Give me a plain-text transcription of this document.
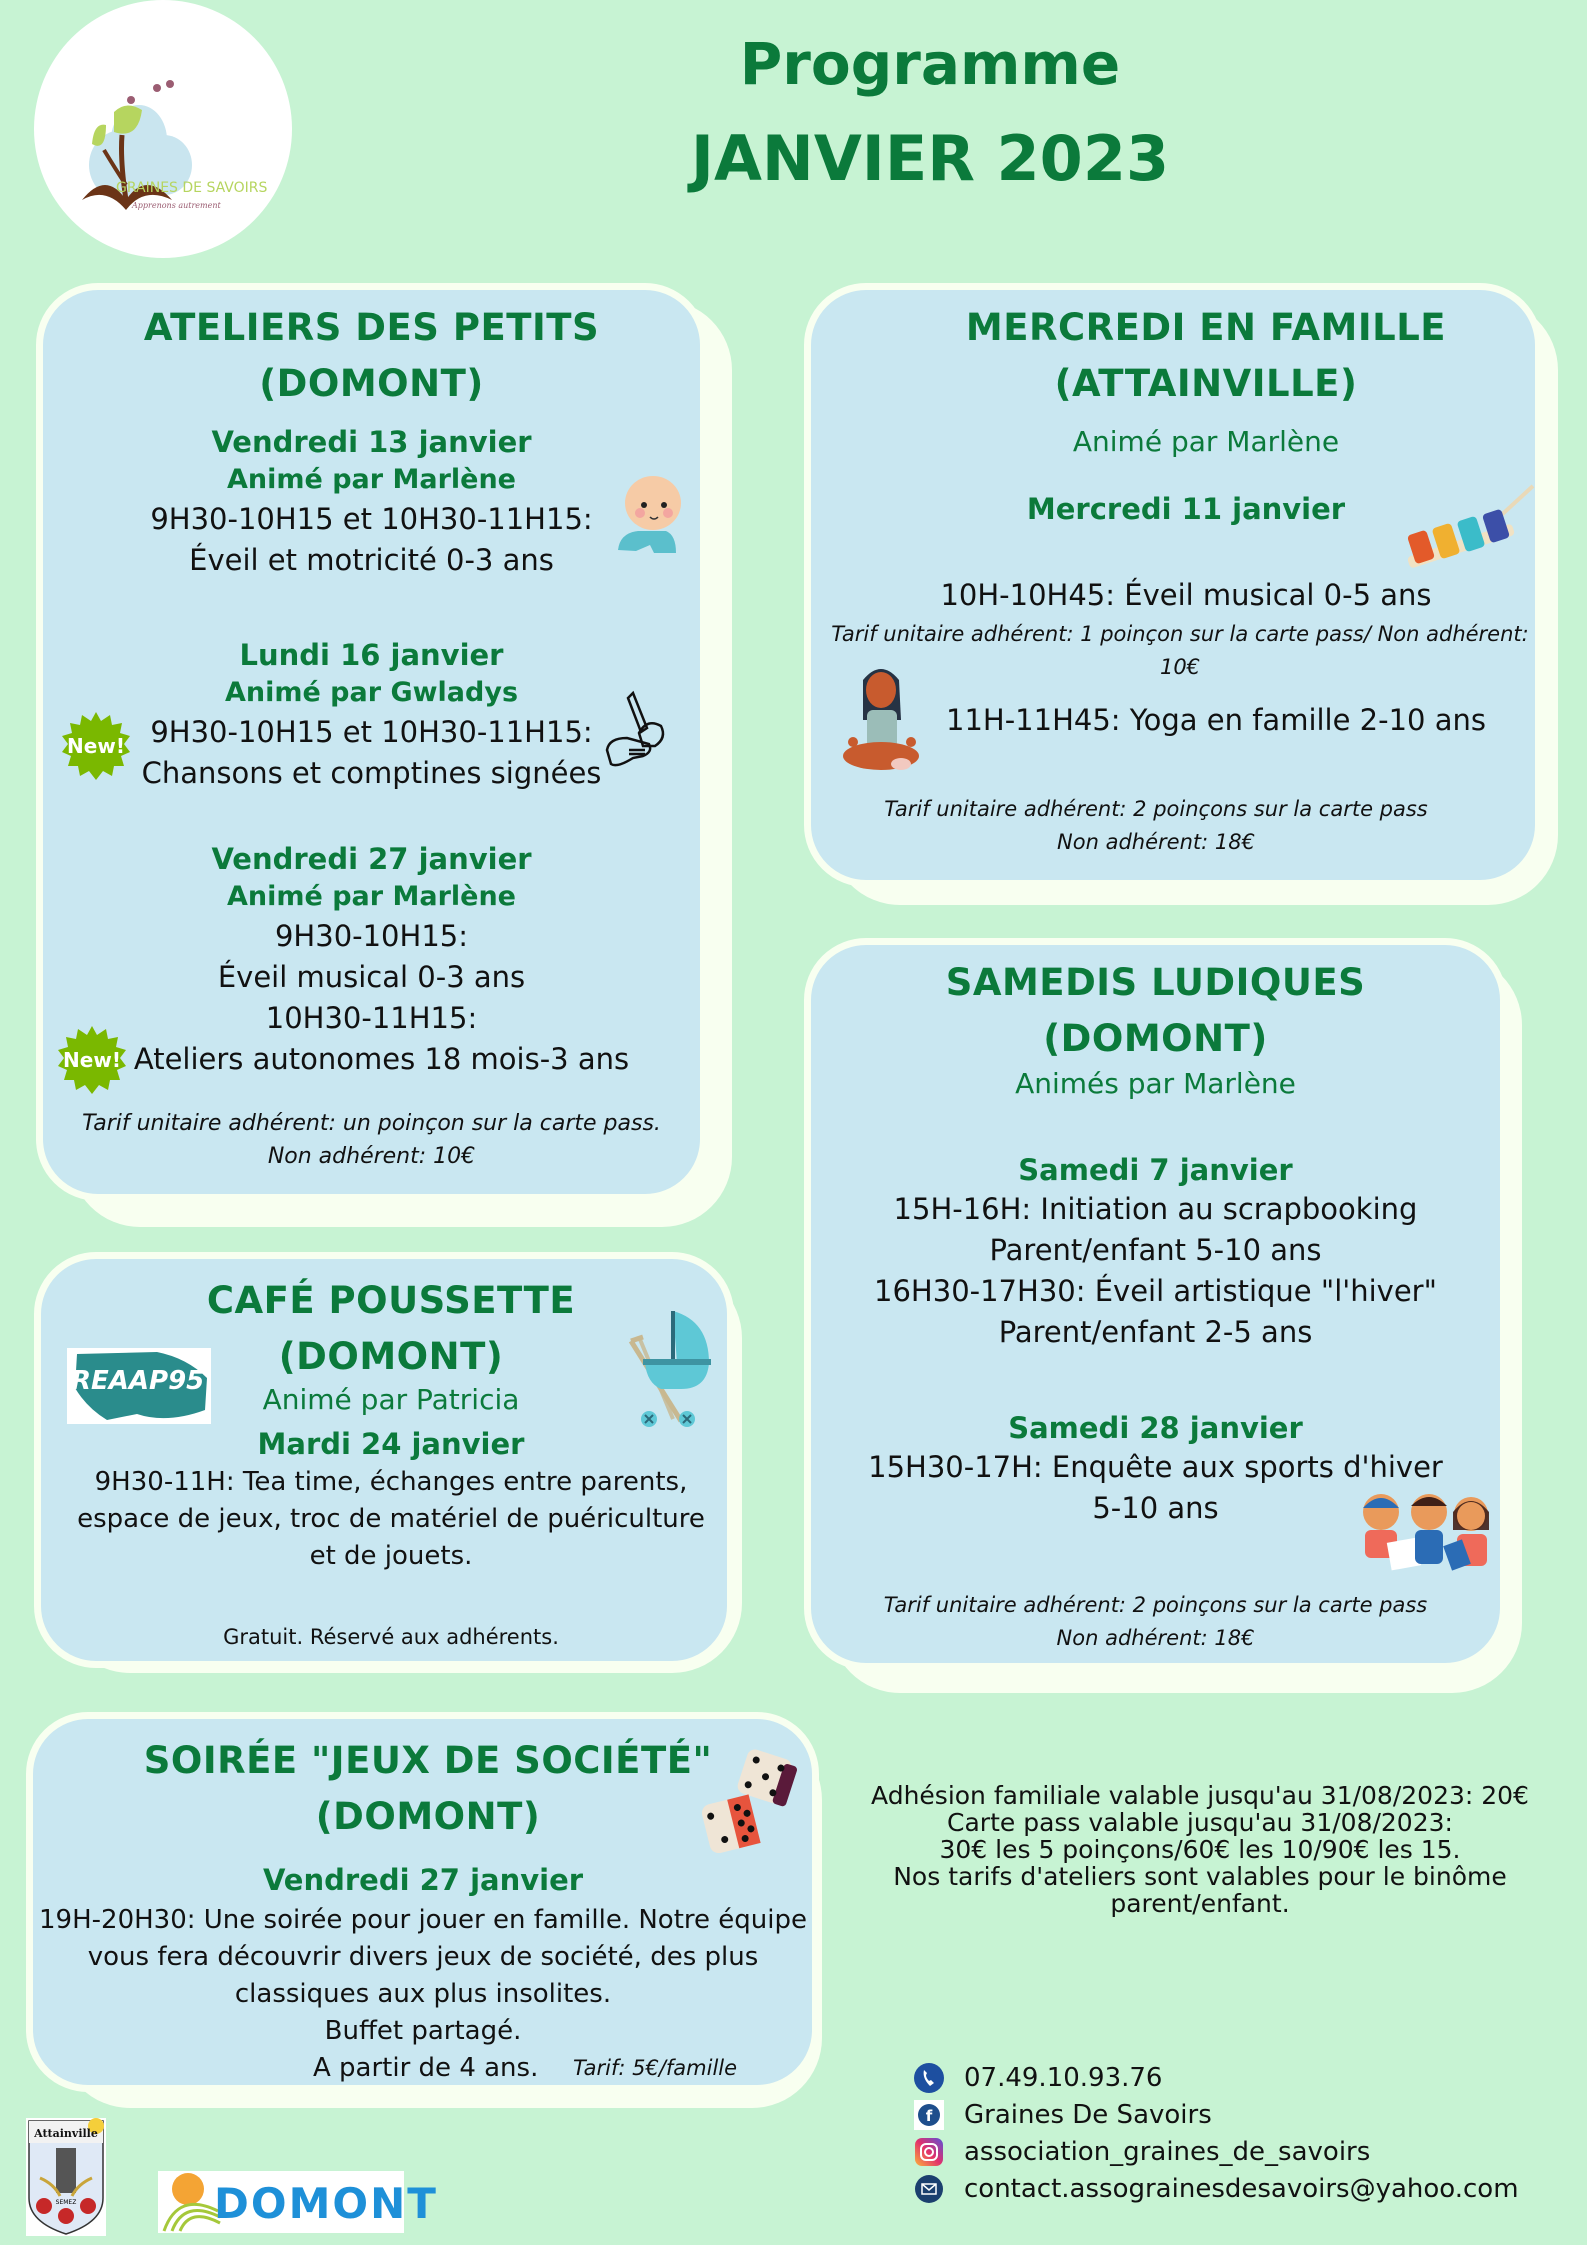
GRAINES DE SAVOIRS
Apprenons autrement
Programme
JANVIER 2023
ATELIERS DES PETITS
(DOMONT)
Vendredi 13 janvier
Animé par Marlène
9H30-10H15 et 10H30-11H15:
Éveil et motricité 0-3 ans
Lundi 16 janvier
Animé par Gwladys
9H30-10H15 et 10H30-11H15:
Chansons et comptines signées
New!
Vendredi 27 janvier
Animé par Marlène
9H30-10H15:
Éveil musical 0-3 ans
10H30-11H15:
Ateliers autonomes 18 mois-3 ans
New!
Tarif unitaire adhérent: un poinçon sur la carte pass.
Non adhérent: 10€
MERCREDI EN FAMILLE
(ATTAINVILLE)
Animé par Marlène
Mercredi 11 janvier
10H-10H45: Éveil musical 0-5 ans
Tarif unitaire adhérent: 1 poinçon sur la carte pass/ Non adhérent:
10€
11H-11H45: Yoga en famille 2-10 ans
Tarif unitaire adhérent: 2 poinçons sur la carte pass
Non adhérent: 18€
SAMEDIS LUDIQUES
(DOMONT)
Animés par Marlène
Samedi 7 janvier
15H-16H: Initiation au scrapbooking
Parent/enfant 5-10 ans
16H30-17H30: Éveil artistique "l'hiver"
Parent/enfant 2-5 ans
Samedi 28 janvier
15H30-17H: Enquête aux sports d'hiver
5-10 ans
Tarif unitaire adhérent: 2 poinçons sur la carte pass
Non adhérent: 18€
CAFÉ POUSSETTE
(DOMONT)
REAAP95
Animé par Patricia
Mardi 24 janvier
9H30-11H: Tea time, échanges entre parents,
espace de jeux, troc de matériel de puériculture
et de jouets.
Gratuit. Réservé aux adhérents.
SOIRÉE "JEUX DE SOCIÉTÉ"
(DOMONT)
Vendredi 27 janvier
19H-20H30: Une soirée pour jouer en famille. Notre équipe
vous fera découvrir divers jeux de société, des plus
classiques aux plus insolites.
Buffet partagé.
A partir de 4 ans. Tarif: 5€/famille
Adhésion familiale valable jusqu'au 31/08/2023: 20€
Carte pass valable jusqu'au 31/08/2023:
30€ les 5 poinçons/60€ les 10/90€ les 15.
Nos tarifs d'ateliers sont valables pour le binôme
parent/enfant.
07.49.10.93.76
f Graines De Savoirs
association_graines_de_savoirs
contact.assograinesdesavoirs@yahoo.com
Attainville
SEMEZ	DOMONT
